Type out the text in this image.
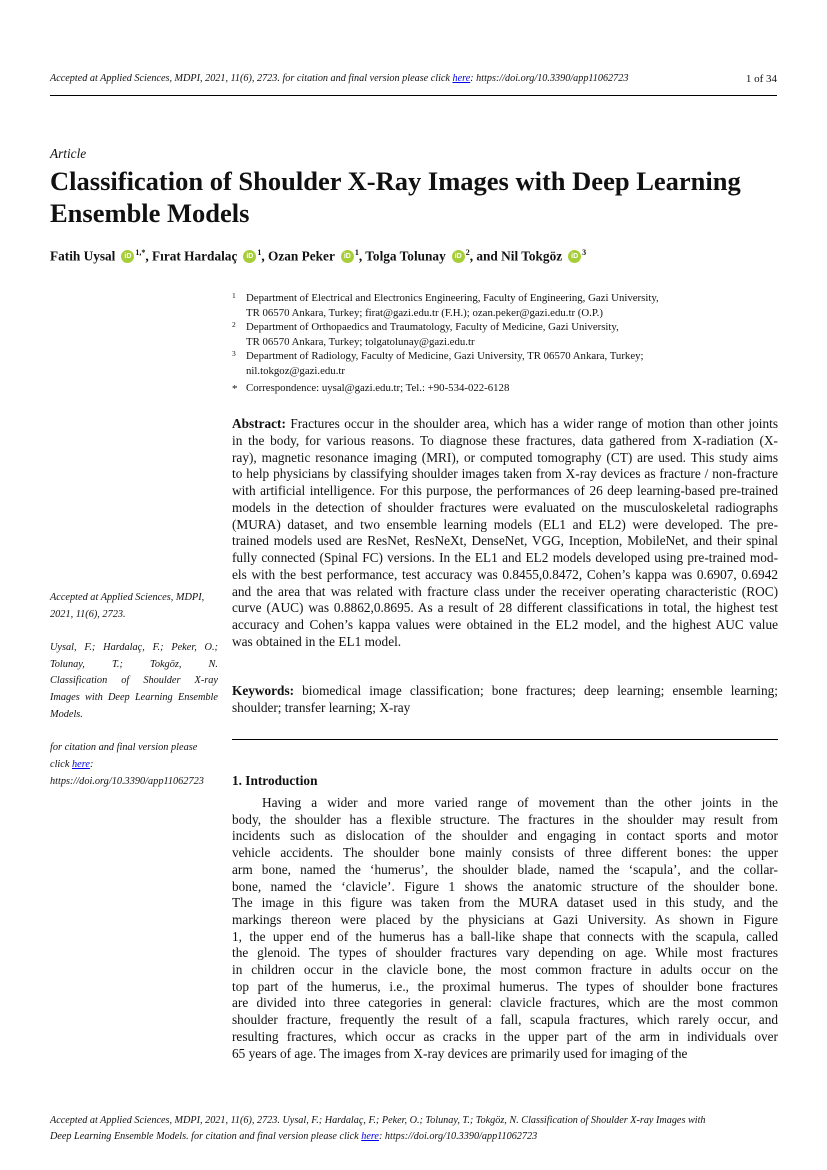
Accepted at Applied Sciences, MDPI, 2021, 11(6), 2723. for citation and final version please click here: https://doi.org/10.3390/app11062723	1 of 34
Article
Classification of Shoulder X-Ray Images with Deep Learning
Ensemble Models
Fatih Uysal iD $^{1,*}$, Fırat Hardalaç iD $^1$, Ozan Peker iD $^1$, Tolga Tolunay iD $^2$, and Nil Tokgöz iD $^3$
1 Department of Electrical and Electronics Engineering, Faculty of Engineering, Gazi University,
TR 06570 Ankara, Turkey; firat@gazi.edu.tr (F.H.); ozan.peker@gazi.edu.tr (O.P.)
2 Department of Orthopaedics and Traumatology, Faculty of Medicine, Gazi University,
TR 06570 Ankara, Turkey; tolgatolunay@gazi.edu.tr
3 Department of Radiology, Faculty of Medicine, Gazi University, TR 06570 Ankara, Turkey;
nil.tokgoz@gazi.edu.tr
* Correspondence: uysal@gazi.edu.tr; Tel.: +90-534-022-6128
Abstract: Fractures occur in the shoulder area, which has a wider range of motion than other joints
in the body, for various reasons. To diagnose these fractures, data gathered from X-radiation (X-
ray), magnetic resonance imaging (MRI), or computed tomography (CT) are used. This study aims
to help physicians by classifying shoulder images taken from X-ray devices as fracture / non-fracture
with artificial intelligence. For this purpose, the performances of 26 deep learning-based pre-trained
models in the detection of shoulder fractures were evaluated on the musculoskeletal radiographs
(MURA) dataset, and two ensemble learning models (EL1 and EL2) were developed. The pre-
trained models used are ResNet, ResNeXt, DenseNet, VGG, Inception, MobileNet, and their spinal
fully connected (Spinal FC) versions. In the EL1 and EL2 models developed using pre-trained mod-
els with the best performance, test accuracy was 0.8455,0.8472, Cohen’s kappa was 0.6907, 0.6942
and the area that was related with fracture class under the receiver operating characteristic (ROC)
curve (AUC) was 0.8862,0.8695. As a result of 28 different classifications in total, the highest test
accuracy and Cohen’s kappa values were obtained in the EL2 model, and the highest AUC value
was obtained in the EL1 model.
Keywords: biomedical image classification; bone fractures; deep learning; ensemble learning;
shoulder; transfer learning; X-ray
Accepted at Applied Sciences, MDPI,
2021, 11(6), 2723.
Uysal, F.; Hardalaç, F.; Peker, O.;
Tolunay, T.; Tokgöz, N.
Classification of Shoulder X-ray
Images with Deep Learning Ensemble
Models.
for citation and final version please
click here:
https://doi.org/10.3390/app11062723	1. Introduction
Having a wider and more varied range of movement than the other joints in the
body, the shoulder has a flexible structure. The fractures in the shoulder may result from
incidents such as dislocation of the shoulder and engaging in contact sports and motor
vehicle accidents. The shoulder bone mainly consists of three different bones: the upper
arm bone, named the ‘humerus’, the shoulder blade, named the ‘scapula’, and the collar-
bone, named the ‘clavicle’. Figure 1 shows the anatomic structure of the shoulder bone.
The image in this figure was taken from the MURA dataset used in this study, and the
markings thereon were placed by the physicians at Gazi University. As shown in Figure
1, the upper end of the humerus has a ball-like shape that connects with the scapula, called
the glenoid. The types of shoulder fractures vary depending on age. While most fractures
in children occur in the clavicle bone, the most common fracture in adults occur on the
top part of the humerus, i.e., the proximal humerus. The types of shoulder bone fractures
are divided into three categories in general: clavicle fractures, which are the most common
shoulder fracture, frequently the result of a fall, scapula fractures, which rarely occur, and
resulting fractures, which occur as cracks in the upper part of the arm in individuals over
65 years of age. The images from X-ray devices are primarily used for imaging of the
Accepted at Applied Sciences, MDPI, 2021, 11(6), 2723. Uysal, F.; Hardalaç, F.; Peker, O.; Tolunay, T.; Tokgöz, N. Classification of Shoulder X-ray Images with
Deep Learning Ensemble Models. for citation and final version please click here: https://doi.org/10.3390/app11062723
